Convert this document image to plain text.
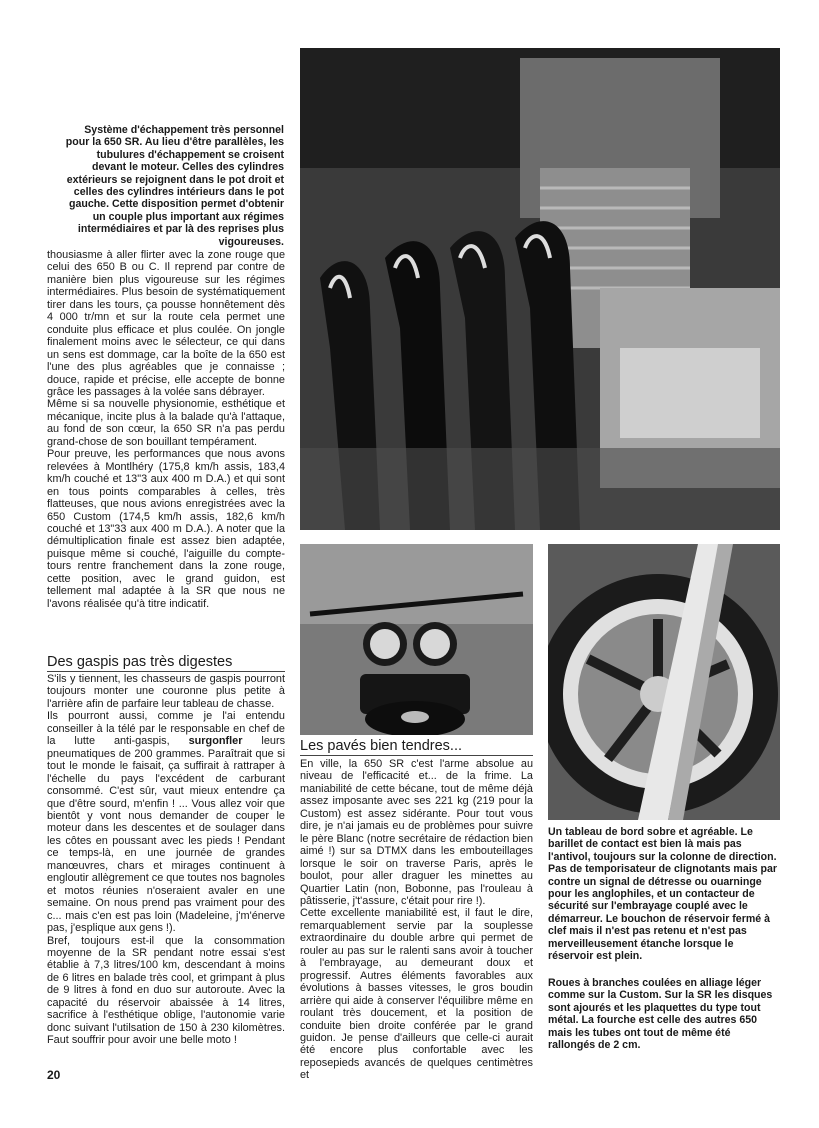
Système d'échappement très personnel pour la 650 SR. Au lieu d'être parallèles, les tubulures d'échappement se croisent devant le moteur. Celles des cylindres extérieurs se rejoignent dans le pot droit et celles des cylindres intérieurs dans le pot gauche. Cette disposition permet d'obtenir un couple plus important aux régimes intermédiaires et par là des reprises plus vigoureuses.

thousiasme à aller flirter avec la zone rouge que celui des 650 B ou C. Il reprend par contre de manière bien plus vigoureuse sur les régimes intermédiaires. Plus besoin de systématiquement tirer dans les tours, ça pousse honnêtement dès 4 000 tr/mn et sur la route cela permet une conduite plus efficace et plus coulée. On jongle finalement moins avec le sélecteur, ce qui dans un sens est dommage, car la boîte de la 650 est l'une des plus agréables que je connaisse ; douce, rapide et précise, elle accepte de bonne grâce les passages à la volée sans débrayer.

Même si sa nouvelle physionomie, esthétique et mécanique, incite plus à la balade qu'à l'attaque, au fond de son cœur, la 650 SR n'a pas perdu grand-chose de son bouillant tempérament.

Pour preuve, les performances que nous avons relevées à Montlhéry (175,8 km/h assis, 183,4 km/h couché et 13"3 aux 400 m D.A.) et qui sont en tous points comparables à celles, très flatteuses, que nous avions enregistrées avec la 650 Custom (174,5 km/h assis, 182,6 km/h couché et 13"33 aux 400 m D.A.). A noter que la démultiplication finale est assez bien adaptée, puisque même si couché, l'aiguille du compte-tours rentre franchement dans la zone rouge, cette position, avec le grand guidon, est tellement mal adaptée à la SR que nous ne l'avons réalisée qu'à titre indicatif.

Des gaspis pas très digestes

S'ils y tiennent, les chasseurs de gaspis pourront toujours monter une couronne plus petite à l'arrière afin de parfaire leur tableau de chasse.

Ils pourront aussi, comme je l'ai entendu conseiller à la télé par le responsable en chef de la lutte anti-gaspis, surgonfler leurs pneumatiques de 200 grammes. Paraîtrait que si tout le monde le faisait, ça suffirait à rattraper à l'échelle du pays l'excédent de carburant consommé. C'est sûr, vaut mieux entendre ça que d'être sourd, m'enfin ! ... Vous allez voir que bientôt y vont nous demander de couper le moteur dans les descentes et de soulager dans les côtes en poussant avec les pieds ! Pendant ce temps-là, en une journée de grandes manœuvres, chars et mirages continuent à engloutir allègrement ce que toutes nos bagnoles et motos réunies n'oseraient avaler en une semaine. On nous prend pas vraiment pour des c... mais c'en est pas loin (Madeleine, j'm'énerve pas, j'esplique aux gens !).

Bref, toujours est-il que la consommation moyenne de la SR pendant notre essai s'est établie à 7,3 litres/100 km, descendant à moins de 6 litres en balade très cool, et grimpant à plus de 9 litres à fond en duo sur autoroute. Avec la capacité du réservoir abaissée à 14 litres, sacrifice à l'esthétique oblige, l'autonomie varie donc suivant l'utilsation de 150 à 230 kilomètres. Faut souffrir pour avoir une belle moto !

Les pavés bien tendres...

En ville, la 650 SR c'est l'arme absolue au niveau de l'efficacité et... de la frime. La maniabilité de cette bécane, tout de même déjà assez imposante avec ses 221 kg (219 pour la Custom) est assez sidérante. Pour tout vous dire, je n'ai jamais eu de problèmes pour suivre le père Blanc (notre secrétaire de rédaction bien aimé !) sur sa DTMX dans les embouteillages lorsque le soir on traverse Paris, après le boulot, pour aller draguer les minettes au Quartier Latin (non, Bobonne, pas l'rouleau à pâtisserie, j't'assure, c'était pour rire !).

Cette excellente maniabilité est, il faut le dire, remarquablement servie par la souplesse extraordinaire du double arbre qui permet de rouler au pas sur le ralenti sans avoir à toucher à l'embrayage, au demeurant doux et progressif. Autres éléments favorables aux évolutions à basses vitesses, le gros boudin arrière qui aide à conserver l'équilibre même en roulant très doucement, et la position de conduite bien droite conférée par le grand guidon. Je pense d'ailleurs que celle-ci aurait été encore plus confortable avec les reposepieds avancés de quelques centimètres et

Un tableau de bord sobre et agréable. Le barillet de contact est bien là mais pas l'antivol, toujours sur la colonne de direction. Pas de temporisateur de clignotants mais par contre un signal de détresse ou ouarninge pour les anglophiles, et un contacteur de sécurité sur l'embrayage couplé avec le démarreur. Le bouchon de réservoir fermé à clef mais il n'est pas retenu et n'est pas merveilleusement étanche lorsque le réservoir est plein.

Roues à branches coulées en alliage léger comme sur la Custom. Sur la SR les disques sont ajourés et les plaquettes du type tout métal. La fourche est celle des autres 650 mais les tubes ont tout de même été rallongés de 2 cm.

20
